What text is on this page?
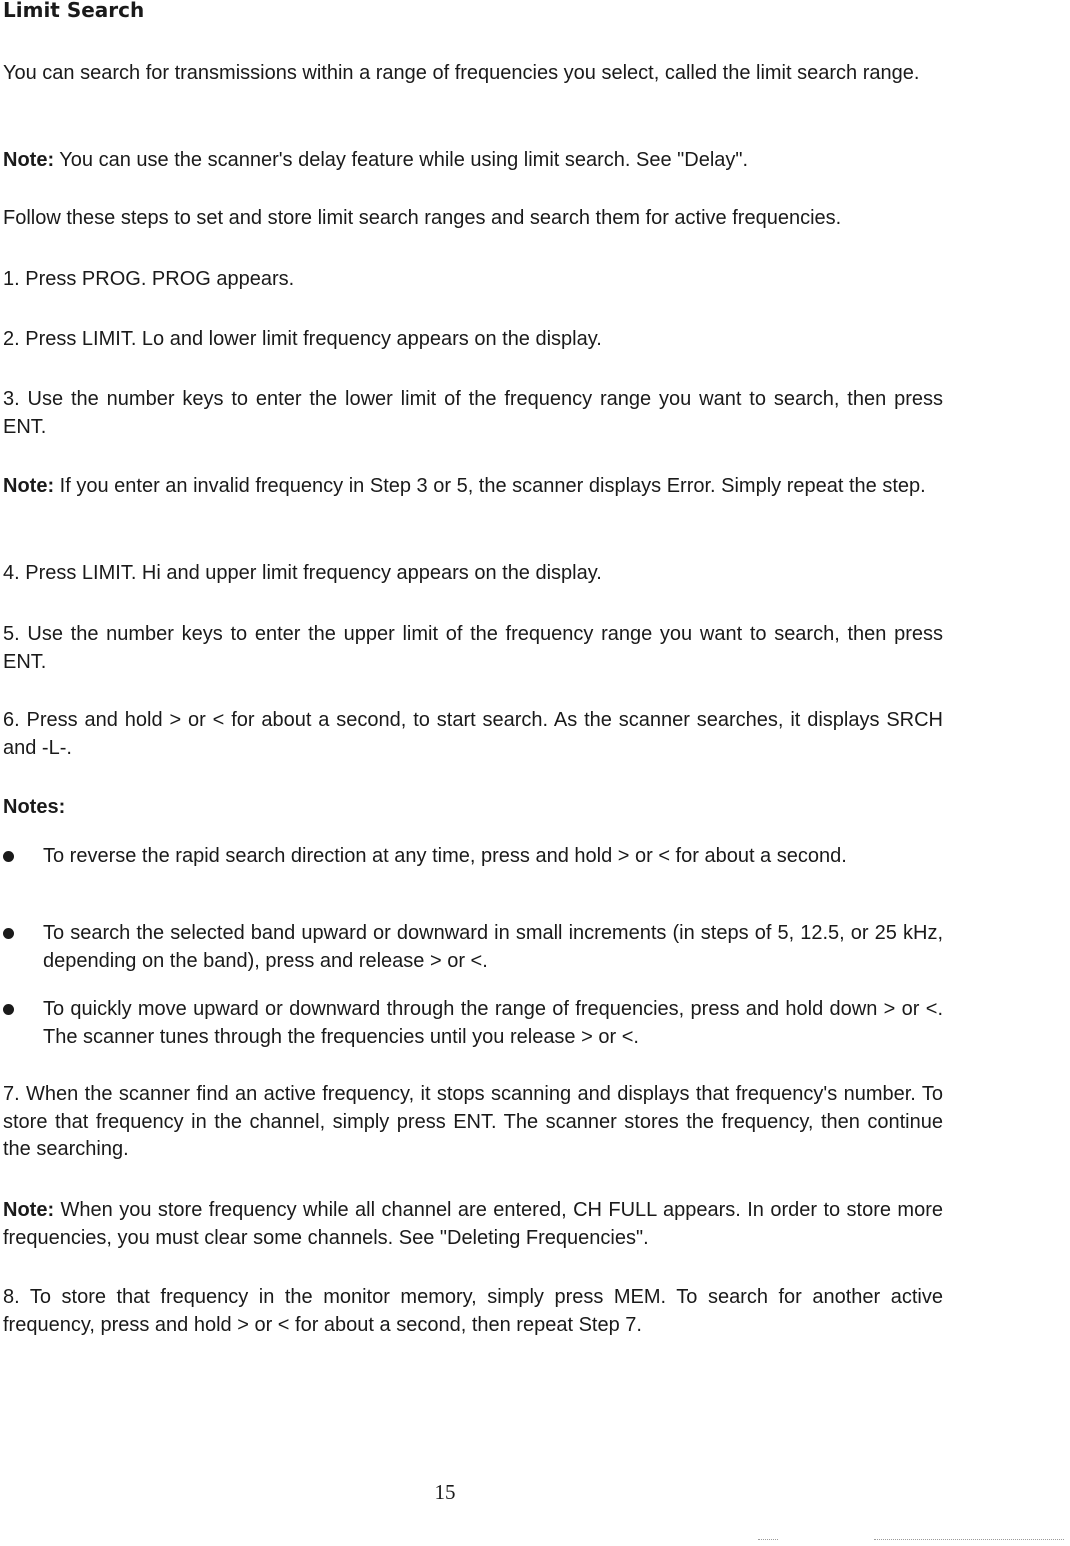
Limit Search

You can search for transmissions within a range of frequencies you select, called the limit search range.

Note: You can use the scanner's delay feature while using limit search. See "Delay".

Follow these steps to set and store limit search ranges and search them for active frequencies.

1. Press PROG. PROG appears.

2. Press LIMIT. Lo and lower limit frequency appears on the display.

3. Use the number keys to enter the lower limit of the frequency range you want to search, then press ENT.

Note: If you enter an invalid frequency in Step 3 or 5, the scanner displays Error. Simply repeat the step.

4. Press LIMIT. Hi and upper limit frequency appears on the display.

5. Use the number keys to enter the upper limit of the frequency range you want to search, then press ENT.

6. Press and hold > or < for about a second, to start search. As the scanner searches, it displays SRCH and -L-.

Notes:

To reverse the rapid search direction at any time, press and hold > or < for about a second.

To search the selected band upward or downward in small increments (in steps of 5, 12.5, or 25 kHz, depending on the band), press and release > or <.

To quickly move upward or downward through the range of frequencies, press and hold down > or <. The scanner tunes through the frequencies until you release > or <.

7. When the scanner find an active frequency, it stops scanning and displays that frequency's number. To store that frequency in the channel, simply press ENT. The scanner stores the frequency, then continue the searching.

Note: When you store frequency while all channel are entered, CH FULL appears. In order to store more frequencies, you must clear some channels. See "Deleting Frequencies".

8. To store that frequency in the monitor memory, simply press MEM. To search for another active frequency, press and hold > or < for about a second, then repeat Step 7.

15
